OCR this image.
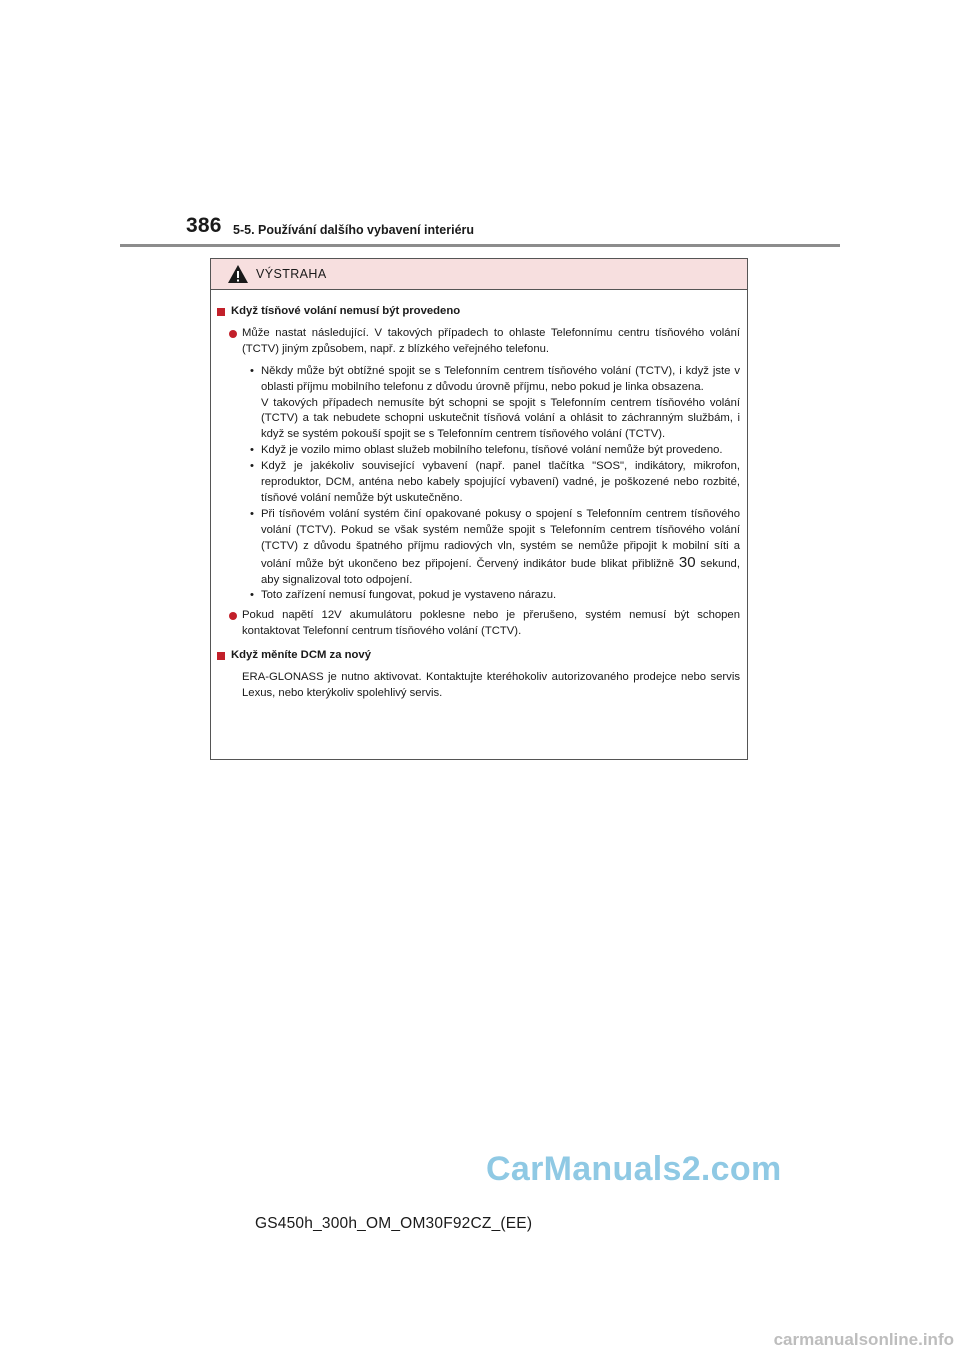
386 5-5. Používání dalšího vybavení interiéru
VÝSTRAHA
Když tísňové volání nemusí být provedeno
Může nastat následující. V takových případech to ohlaste Telefonnímu centru tísňového volání (TCTV) jiným způsobem, např. z blízkého veřejného telefonu.
• Někdy může být obtížné spojit se s Telefonním centrem tísňového volání (TCTV), i když jste v oblasti příjmu mobilního telefonu z důvodu úrovně příjmu, nebo pokud je linka obsazena.
V takových případech nemusíte být schopni se spojit s Telefonním centrem tísňového volání (TCTV) a tak nebudete schopni uskutečnit tísňová volání a ohlásit to záchranným službám, i když se systém pokouší spojit se s Telefonním centrem tísňového volání (TCTV).
• Když je vozilo mimo oblast služeb mobilního telefonu, tísňové volání nemůže být provedeno.
• Když je jakékoliv související vybavení (např. panel tlačítka "SOS", indikátory, mikrofon, reproduktor, DCM, anténa nebo kabely spojující vybavení) vadné, je poškozené nebo rozbité, tísňové volání nemůže být uskutečněno.
• Při tísňovém volání systém činí opakované pokusy o spojení s Telefonním centrem tísňového volání (TCTV). Pokud se však systém nemůže spojit s Telefonním centrem tísňového volání (TCTV) z důvodu špatného příjmu radiových vln, systém se nemůže připojit k mobilní síti a volání může být ukončeno bez připojení. Červený indikátor bude blikat přibližně 30 sekund, aby signalizoval toto odpojení.
• Toto zařízení nemusí fungovat, pokud je vystaveno nárazu.
Pokud napětí 12V akumulátoru poklesne nebo je přerušeno, systém nemusí být schopen kontaktovat Telefonní centrum tísňového volání (TCTV).
Když měníte DCM za nový
ERA-GLONASS je nutno aktivovat. Kontaktujte kteréhokoliv autorizovaného prodejce nebo servis Lexus, nebo kterýkoliv spolehlivý servis.
CarManuals2.com
GS450h_300h_OM_OM30F92CZ_(EE)
carmanualsonline.info
